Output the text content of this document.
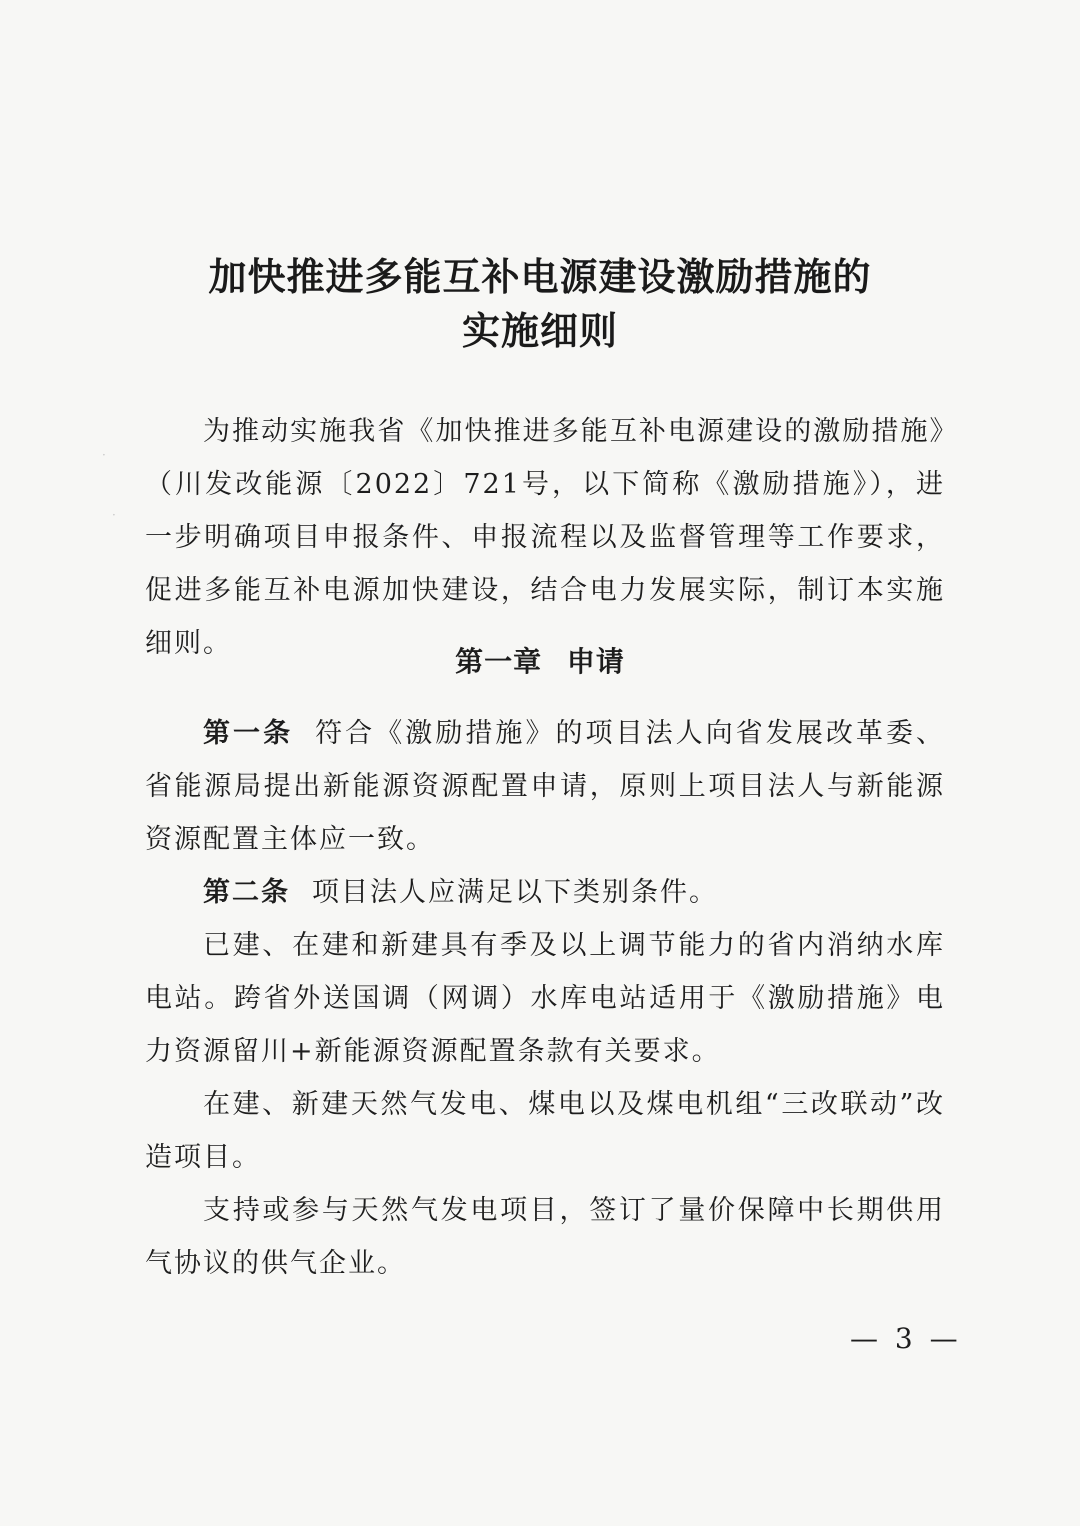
加快推进多能互补电源建设激励措施的
实施细则

为推动实施我省《加快推进多能互补电源建设的激励措施》（川发改能源〔2022〕721号，以下简称《激励措施》），进一步明确项目申报条件、申报流程以及监督管理等工作要求，促进多能互补电源加快建设，结合电力发展实际，制订本实施细则。

第一章 申请

第一条 符合《激励措施》的项目法人向省发展改革委、省能源局提出新能源资源配置申请，原则上项目法人与新能源资源配置主体应一致。

第二条 项目法人应满足以下类别条件。

已建、在建和新建具有季及以上调节能力的省内消纳水库电站。跨省外送国调（网调）水库电站适用于《激励措施》电力资源留川+新能源资源配置条款有关要求。

在建、新建天然气发电、煤电以及煤电机组“三改联动”改造项目。

支持或参与天然气发电项目，签订了量价保障中长期供用气协议的供气企业。

— 3 —
·
·
